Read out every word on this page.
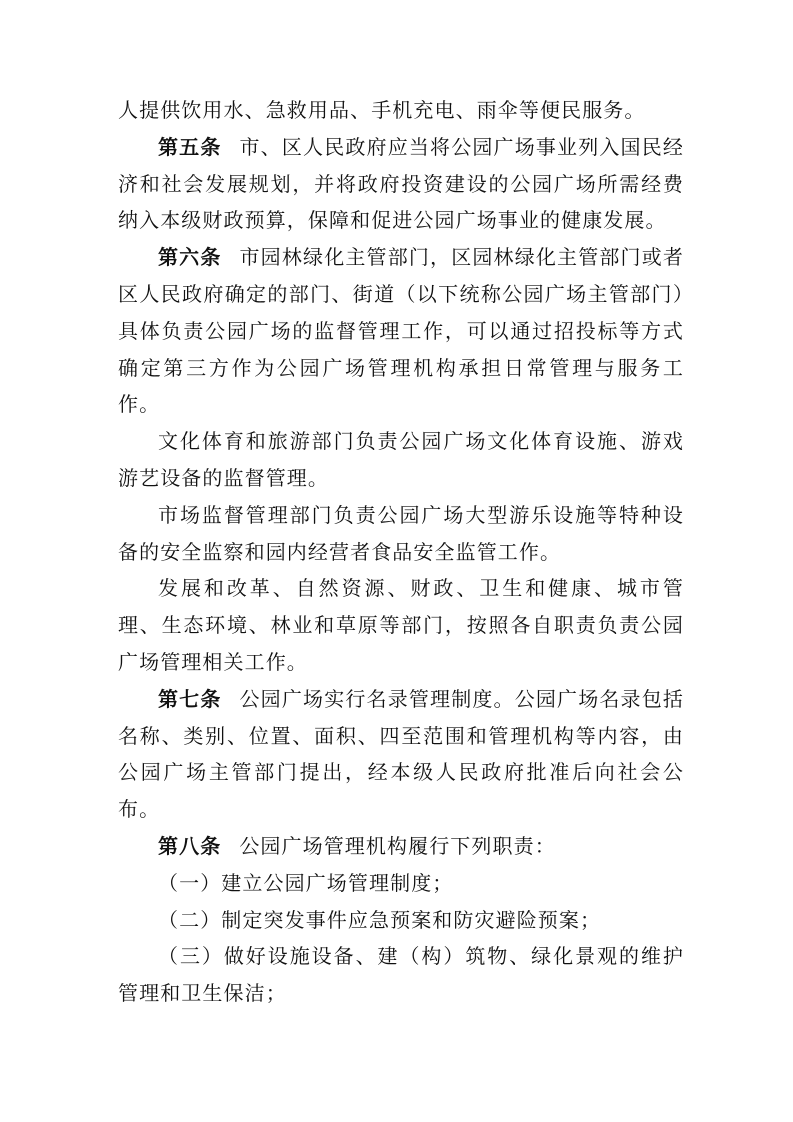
人提供饮用水、急救用品、手机充电、雨伞等便民服务。

第五条 市、区人民政府应当将公园广场事业列入国民经济和社会发展规划，并将政府投资建设的公园广场所需经费纳入本级财政预算，保障和促进公园广场事业的健康发展。

第六条 市园林绿化主管部门，区园林绿化主管部门或者区人民政府确定的部门、街道（以下统称公园广场主管部门）具体负责公园广场的监督管理工作，可以通过招投标等方式确定第三方作为公园广场管理机构承担日常管理与服务工作。

文化体育和旅游部门负责公园广场文化体育设施、游戏游艺设备的监督管理。

市场监督管理部门负责公园广场大型游乐设施等特种设备的安全监察和园内经营者食品安全监管工作。

发展和改革、自然资源、财政、卫生和健康、城市管理、生态环境、林业和草原等部门，按照各自职责负责公园广场管理相关工作。

第七条 公园广场实行名录管理制度。公园广场名录包括名称、类别、位置、面积、四至范围和管理机构等内容，由公园广场主管部门提出，经本级人民政府批准后向社会公布。

第八条 公园广场管理机构履行下列职责：

（一）建立公园广场管理制度；

（二）制定突发事件应急预案和防灾避险预案；

（三）做好设施设备、建（构）筑物、绿化景观的维护管理和卫生保洁；
